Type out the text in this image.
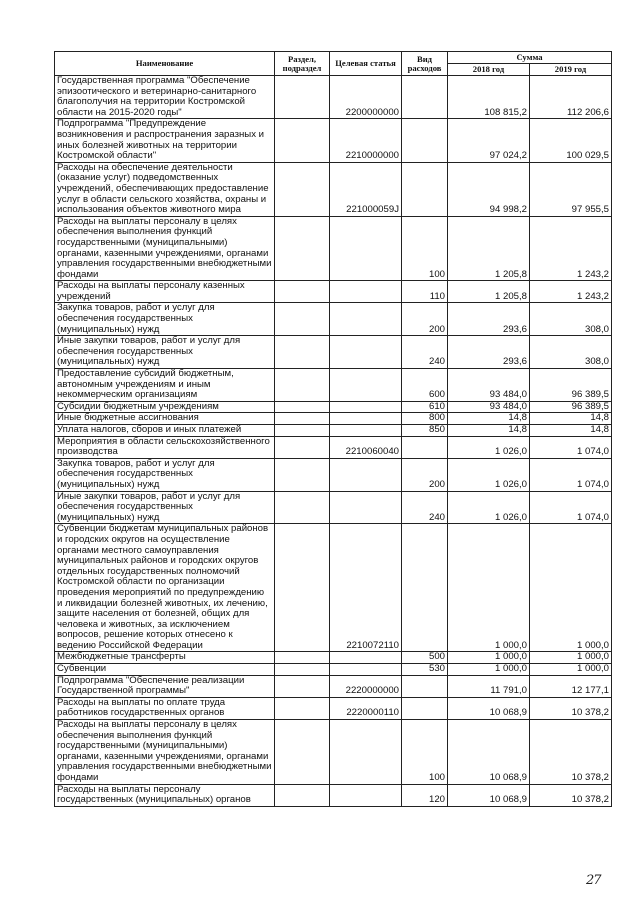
Наименование	Раздел, подраздел	Целевая статья	Вид расходов	Сумма	
				2018 год	2019 год
Государственная программа "Обеспечение эпизоотического и ветеринарно-санитарного благополучия на территории Костромской области на 2015-2020 годы"		2200000000		108 815,2	112 206,6
Подпрограмма "Предупреждение возникновения и распространения заразных и иных болезней животных на территории Костромской области"		2210000000		97 024,2	100 029,5
Расходы на обеспечение деятельности (оказание услуг) подведомственных учреждений, обеспечивающих предоставление услуг в области сельского хозяйства, охраны и использования объектов животного мира		221000059J		94 998,2	97 955,5
Расходы на выплаты персоналу в целях обеспечения выполнения функций государственными (муниципальными) органами, казенными учреждениями, органами управления государственными внебюджетными фондами			100	1 205,8	1 243,2
Расходы на выплаты персоналу казенных учреждений			110	1 205,8	1 243,2
Закупка товаров, работ и услуг для обеспечения государственных (муниципальных) нужд			200	293,6	308,0
Иные закупки товаров, работ и услуг для обеспечения государственных (муниципальных) нужд			240	293,6	308,0
Предоставление субсидий бюджетным, автономным учреждениям и иным некоммерческим организациям			600	93 484,0	96 389,5
Субсидии бюджетным учреждениям			610	93 484,0	96 389,5
Иные бюджетные ассигнования			800	14,8	14,8
Уплата налогов, сборов и иных платежей			850	14,8	14,8
Мероприятия в области сельскохозяйственного производства		2210060040		1 026,0	1 074,0
Закупка товаров, работ и услуг для обеспечения государственных (муниципальных) нужд			200	1 026,0	1 074,0
Иные закупки товаров, работ и услуг для обеспечения государственных (муниципальных) нужд			240	1 026,0	1 074,0
Субвенции бюджетам муниципальных районов и городских округов на осуществление органами местного самоуправления муниципальных районов и городских округов отдельных государственных полномочий Костромской области по организации проведения мероприятий по предупреждению и ликвидации болезней животных, их лечению, защите населения от болезней, общих для человека и животных, за исключением вопросов, решение которых отнесено к ведению Российской Федерации		2210072110		1 000,0	1 000,0
Межбюджетные трансферты			500	1 000,0	1 000,0
Субвенции			530	1 000,0	1 000,0
Подпрограмма "Обеспечение реализации Государственной программы"		2220000000		11 791,0	12 177,1
Расходы на выплаты по оплате труда работников государственных органов		2220000110		10 068,9	10 378,2
Расходы на выплаты персоналу в целях обеспечения выполнения функций государственными (муниципальными) органами, казенными учреждениями, органами управления государственными внебюджетными фондами			100	10 068,9	10 378,2
Расходы на выплаты персоналу государственных (муниципальных) органов			120	10 068,9	10 378,2
27
